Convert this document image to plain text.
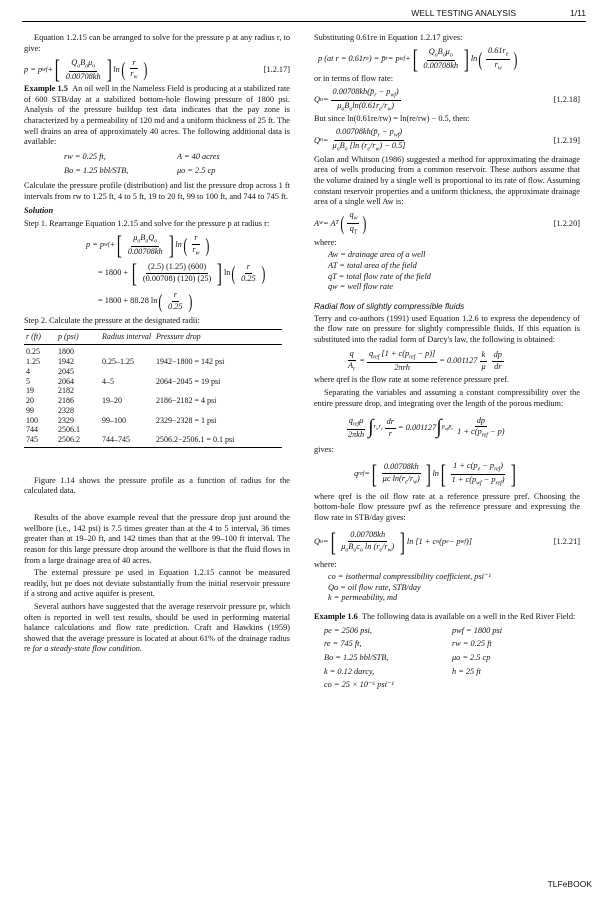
WELL TESTING ANALYSIS	1/11

Equation 1.2.15 can be arranged to solve for the pressure p at any radius r, to give:

p = p wf + [ $\frac{Q_oB_o\mu_o}{0.00708kh}$ ] ln ( $\frac{r}{r_w}$ )	[1.2.17]

Example 1.5 An oil well in the Nameless Field is producing at a stabilized rate of 600 STB/day at a stabilized bottom-hole flowing pressure of 1800 psi. Analysis of the pressure buildup test data indicates that the pay zone is characterized by a permeability of 120 md and a uniform thickness of 25 ft. The well drains an area of approximately 40 acres. The following additional data is available:

rw = 0.25 ft,	A = 40 acres
Bo = 1.25 bbl/STB,	μo = 2.5 cp

Calculate the pressure profile (distribution) and list the pressure drop across 1 ft intervals from rw to 1.25 ft, 4 to 5 ft, 19 to 20 ft, 99 to 100 ft, and 744 to 745 ft.

Solution

Step 1. Rearrange Equation 1.2.15 and solve for the pressure p at radius r:

p = p wf + [ $\frac{\mu_oB_oQ_o}{0.00708kh}$ ] ln ( $\frac{r}{r_w}$ )
= 1800 +
[ $\frac{(2.5) (1.25) (600)}{(0.00708) (120) (25)}$ ] ln ( $\frac{r}{0.25}$ )
= 1800 + 88.28 ln ( $\frac{r}{0.25}$ )

Step 2. Calculate the pressure at the designated radii:

r (ft)	p (psi)	Radius interval	Pressure drop
0.25	1800		
1.25	1942	0.25–1.25	1942−1800 = 142 psi
4	2045		
5	2064	4–5	2064−2045 = 19 psi
19	2182		
20	2186	19–20	2186−2182 = 4 psi
99	2328		
100	2329	99–100	2329−2328 = 1 psi
744	2506.1		
745	2506.2	744–745	2506.2−2506.1 = 0.1 psi

Figure 1.14 shows the pressure profile as a function of radius for the calculated data.

Results of the above example reveal that the pressure drop just around the wellbore (i.e., 142 psi) is 7.5 times greater than at the 4 to 5 interval, 36 times greater than at 19–20 ft, and 142 times than that at the 99–100 ft interval. The reason for this large pressure drop around the wellbore is that the fluid flows in from a large drainage area of 40 acres.

The external pressure pe used in Equation 1.2.15 cannot be measured readily, but pe does not deviate substantially from the initial reservoir pressure if a strong and active aquifer is present.

Several authors have suggested that the average reservoir pressure pr, which often is reported in well test results, should be used in performing material balance calculations and flow rate prediction. Craft and Hawkins (1959) showed that the average pressure is located at about 61% of the drainage radius re for a steady-state flow condition.

Substituting 0.61re in Equation 1.2.17 gives:

p (at r = 0.61r e ) = p̄ r = p wf + [ $\frac{Q_oB_o\mu_o}{0.00708kh}$ ] ln ( $\frac{0.61r_e}{r_w}$ )

or in terms of flow rate:

Q $o = \frac{0.00708kh(p̄_r - p_{wf})}{\mu_oB_o\ln(0.61r_e/r_w)}$	[1.2.18]

But since ln(0.61re/rw) = ln(re/rw) − 0.5, then:

Q $o = \frac{0.00708kh(p̄_r - p_{wf})}{\mu_oB_o [\ln (r_e/r_w) - 0.5]}$	[1.2.19]

Golan and Whitson (1986) suggested a method for approximating the drainage area of wells producing from a common reservoir. These authors assume that the volume drained by a single well is proportional to its rate of flow. Assuming constant reservoir properties and a uniform thickness, the approximate drainage area of a single well Aw is:

A w = A T ( $\frac{q_w}{q_T}$ )	[1.2.20]

where:

Aw = drainage area of a well
AT = total area of the field
qT = total flow rate of the field
qw = well flow rate

Radial flow of slightly compressible fluids

Terry and co-authors (1991) used Equation 1.2.6 to express the dependency of the flow rate on pressure for slightly compressible fluids. If this equation is substituted into the radial form of Darcy's law, the following is obtained:

$\frac{q}{A_r} = \frac{q_{ref} [1 + c(p_{ref} - p)]}{\text{2πrh}} = 0.001127 \frac{k}{\mu} \frac{dp}{dr}$

where qref is the flow rate at some reference pressure pref.

Separating the variables and assuming a constant compressibility over the entire pressure drop, and integrating over the length of the porous medium:

$\frac{q_{ref}\mu}{\text{2πkh}}$ ∫ $r_w$ $r_e \frac{dr}{r} = 0.001127$ ∫ $p_{wf}$ $p_e \frac{dp}{1 + c(p_{ref} - p)}$

gives:

q ref = [ $\frac{0.00708kh}{\mu c \ln(r_e/r_w)}$ ] ln [ $\frac{1 + c(p_e - p_{ref})}{1 + c(p_{wf} - p_{ref})}$ ]

where qref is the oil flow rate at a reference pressure pref. Choosing the bottom-hole flow pressure pwf as the reference pressure and expressing the flow rate in STB/day gives:

Q o = [ $\frac{0.00708kh}{\mu_oB_oc_o \ln (r_e/r_w)}$ ] ln [1 + c o (p e − p wf )]	[1.2.21]

where:

co = isothermal compressibility coefficient, psi⁻¹
Qo = oil flow rate, STB/day
k = permeability, md

Example 1.6 The following data is available on a well in the Red River Field:

pe = 2506 psi,	pwf = 1800 psi
re = 745 ft,	rw = 0.25 ft
Bo = 1.25 bbl/STB,	μo = 2.5 cp
k = 0.12 darcy,	h = 25 ft
co = 25 × 10⁻⁶ psi⁻¹
TLFeBOOK
